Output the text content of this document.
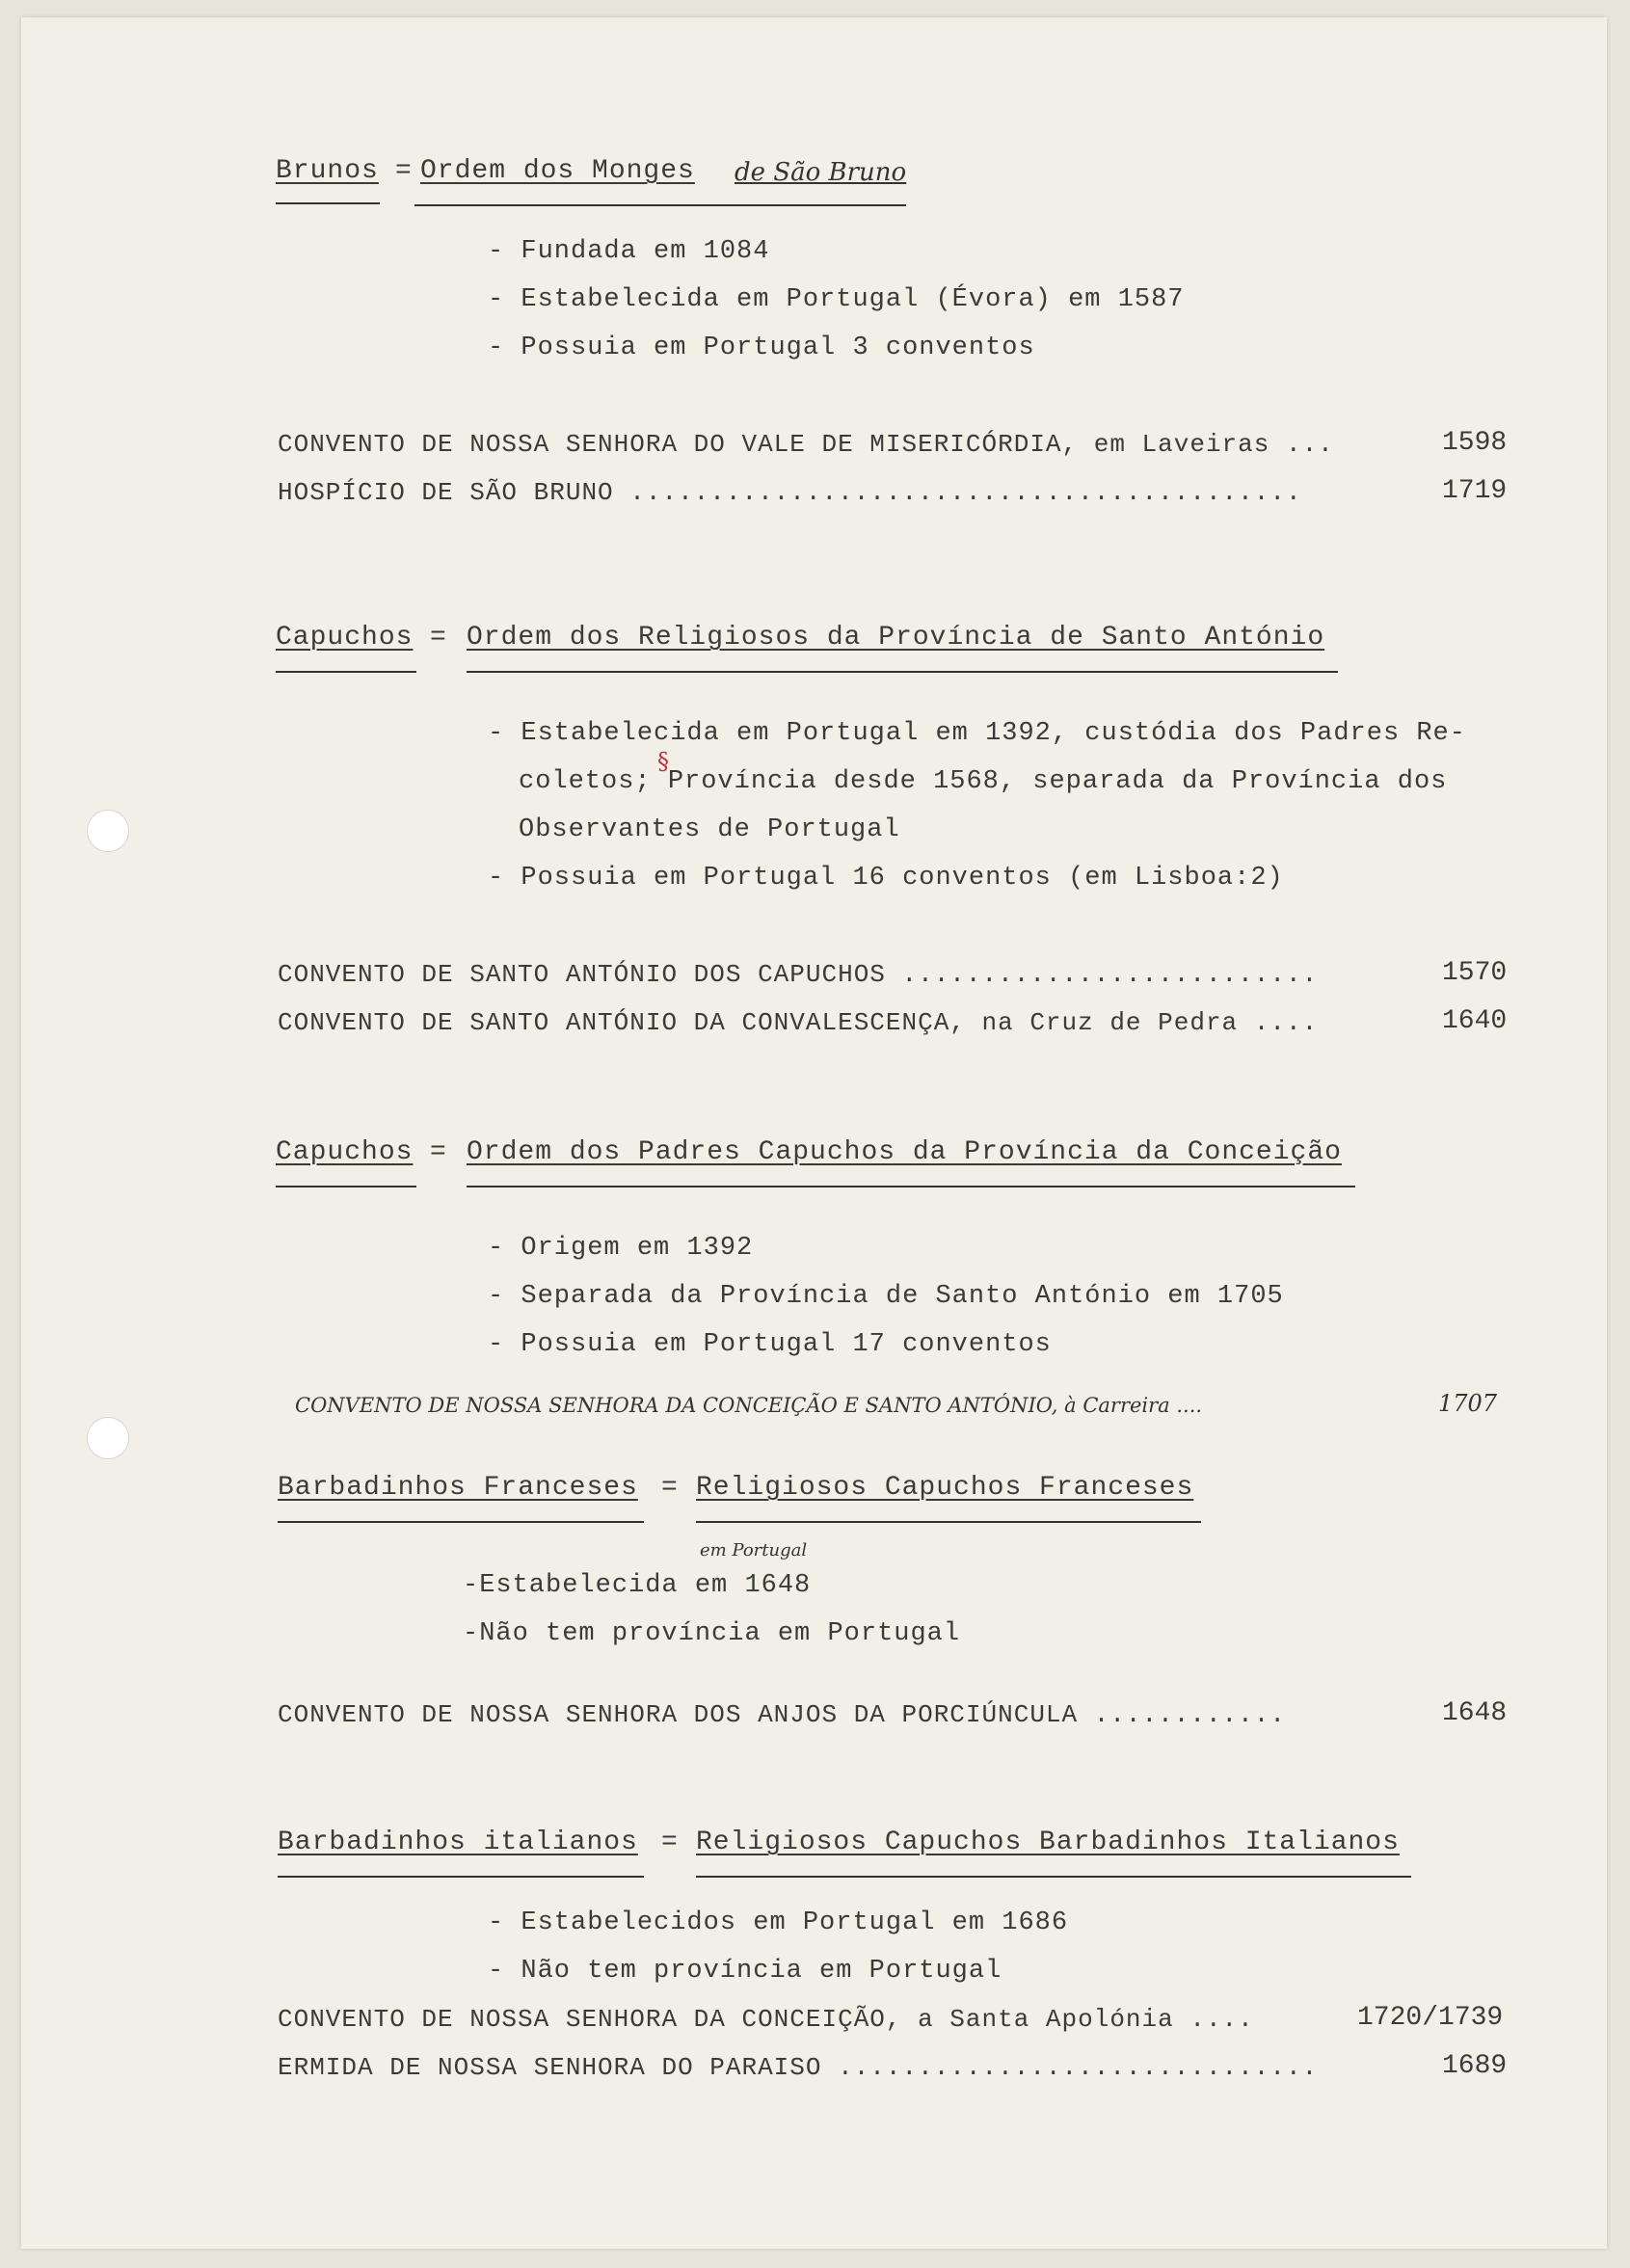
Brunos = Ordem dos Monges de São Bruno
- Fundada em 1084
- Estabelecida em Portugal (Évora) em 1587
- Possuia em Portugal 3 conventos
CONVENTO DE NOSSA SENHORA DO VALE DE MISERICÓRDIA, em Laveiras ...	1598
HOSPÍCIO DE SÃO BRUNO ..........................................	1719
Capuchos = Ordem dos Religiosos da Província de Santo António
- Estabelecida em Portugal em 1392, custódia dos Padres Re-
coletos; Província desde 1568, separada da Província dos
§
Observantes de Portugal
- Possuia em Portugal 16 conventos (em Lisboa:2)
CONVENTO DE SANTO ANTÓNIO DOS CAPUCHOS ..........................	1570
CONVENTO DE SANTO ANTÓNIO DA CONVALESCENÇA, na Cruz de Pedra ....	1640
Capuchos = Ordem dos Padres Capuchos da Província da Conceição
- Origem em 1392
- Separada da Província de Santo António em 1705
- Possuia em Portugal 17 conventos
CONVENTO DE NOSSA SENHORA DA CONCEIÇÃO E SANTO ANTÓNIO, à Carreira ....	1707
Barbadinhos Franceses = Religiosos Capuchos Franceses
em Portugal
-Estabelecida em 1648
-Não tem província em Portugal
CONVENTO DE NOSSA SENHORA DOS ANJOS DA PORCIÚNCULA ............	1648
Barbadinhos italianos = Religiosos Capuchos Barbadinhos Italianos
- Estabelecidos em Portugal em 1686
- Não tem província em Portugal
CONVENTO DE NOSSA SENHORA DA CONCEIÇÃO, a Santa Apolónia ....	1720/1739
ERMIDA DE NOSSA SENHORA DO PARAISO ..............................	1689
